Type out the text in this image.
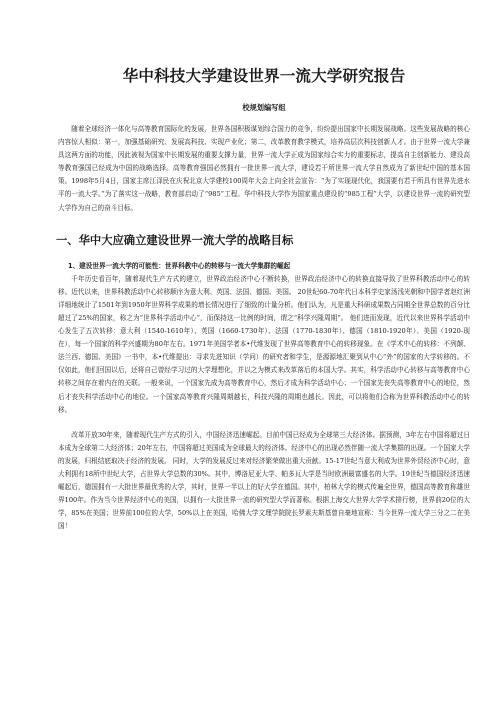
华中科技大学建设世界一流大学研究报告
校规划编写组

随着全球经济一体化与高等教育国际化的发展，世界各国积极谋划综合国力的竞争，纷纷提出国家中长期发展战略。这些发展战略的核心内容惊人相似：第一，加强基础研究、发展高科技、实现产业化；第二，改革教育教学模式，培养高层次科技创新人才。由于世界一流大学兼具这两方面的功能，因此被视为国家中长期发展的重要支撑力量，世界一流大学正成为国家综合实力的重要标志，提高自主创新能力、建设高等教育强国已经成为中国的战略选择。高等教育强国必然拥有一批世界一流大学，建设若干所世界一流大学自然成为了新世纪中国的基本国策。1998年5月4日，国家主席江泽民在庆祝北京大学建校100周年大会上向全社会宣告：“为了实现现代化，我国要有若干所具有世界先进水平的一流大学。”为了落实这一战略，教育部启动了“985”工程。华中科技大学作为国家重点建设的“985工程”大学，以建设世界一流的研究型大学作为自己的奋斗目标。

一、华中大应确立建设世界一流大学的战略目标
1、建设世界一流大学的可能性：世界科教中心的转移与一流大学集群的崛起

千年历史看百年，随着现代生产方式的建立，世界政治经济中心不断转换，世界政治经济中心的转换直接导致了世界科教活动中心的转移。近代以来，世界科教活动中心转移顺序为意大利、英国、法国、德国、美国。 20世纪60-70年代日本科学史家汤浅光朝和中国学者赵红洲详细地统计了1501年到1950年世界科学成果的增长情况进行了细致的计量分析。他们认为，凡是重大科研成果数占同期全世界总数的百分比超过了25%的国家，称之为“世界科学活动中心”，而保持这一比例的时间，谓之“科学兴隆周期”。 他们进而发现，近代以来世界科学活动中心发生了五次转移：意大利（1540-1610年）、英国（1660-1730年）、法国（1770-1830年）、德国（1810-1920年）、美国（1920-现在），每一个国家的科学兴盛期为80年左右。1971年美国学者本•代维发现了世界高等教育中心的转移现象。在《学术中心的转移：不列颠、法兰西、德国、美国》一书中，本•代维提出：寻求先进知识（学问）的研究者和学生，是源源地汇聚到从中心“外”的国家的大学转移的。不仅如此，他们回国以后，还将自己曾经学习过的大学理想化，并以之为模式来改革落后的本国大学。其实，科学活动中心转移与高等教育中心转移之间存在着内在的关联。一般来说，一个国家先成为高等教育中心，然后才成为科学活动中心；一个国家先丧失高等教育中心的地位，然后才丧失科学活动中心的地位。一个国家高等教育兴隆周期越长，科技兴隆的周期也越长。因此，可以将他们合称为世界科教活动中心的转移。

改革开放30年来，随着现代生产方式的引入，中国经济迅速崛起。目前中国已经成为全球第三大经济体。据预测，3年左右中国将超过日本成为全球第二大经济体；20年左右，中国将超过美国成为全球最大的经济体。经济中心的出现必然伴随一流大学集群的出现。一个国家大学的发展，归根结底取决于经济的发展。 同时，大学的发展反过来对经济繁荣做出重大贡献。15-17世纪当意大利成为世界外贸经济中心时，意大利拥有18所中世纪大学，占世界大学总数的30%。其中，博洛尼亚大学、帕多瓦大学是当时欧洲最富盛名的大学。19世纪当德国经济迅速崛起后，德国拥有一大批世界最优秀的大学，其时，世界一半以上的好大学在德国。其中，柏林大学的模式传遍全世界，德国高等教育称雄世界100年。作为当今世界经济中心的美国，以拥有一大批世界一流的研究型大学而著称。根据上海交大世界大学学术排行榜，世界前20位的大学，85%在美国；世界前100位的大学，50%以上在美国，哈佛大学文理学院院长罗素夫斯基曾自豪地宣称：当今世界一流大学三分之二在美国！
